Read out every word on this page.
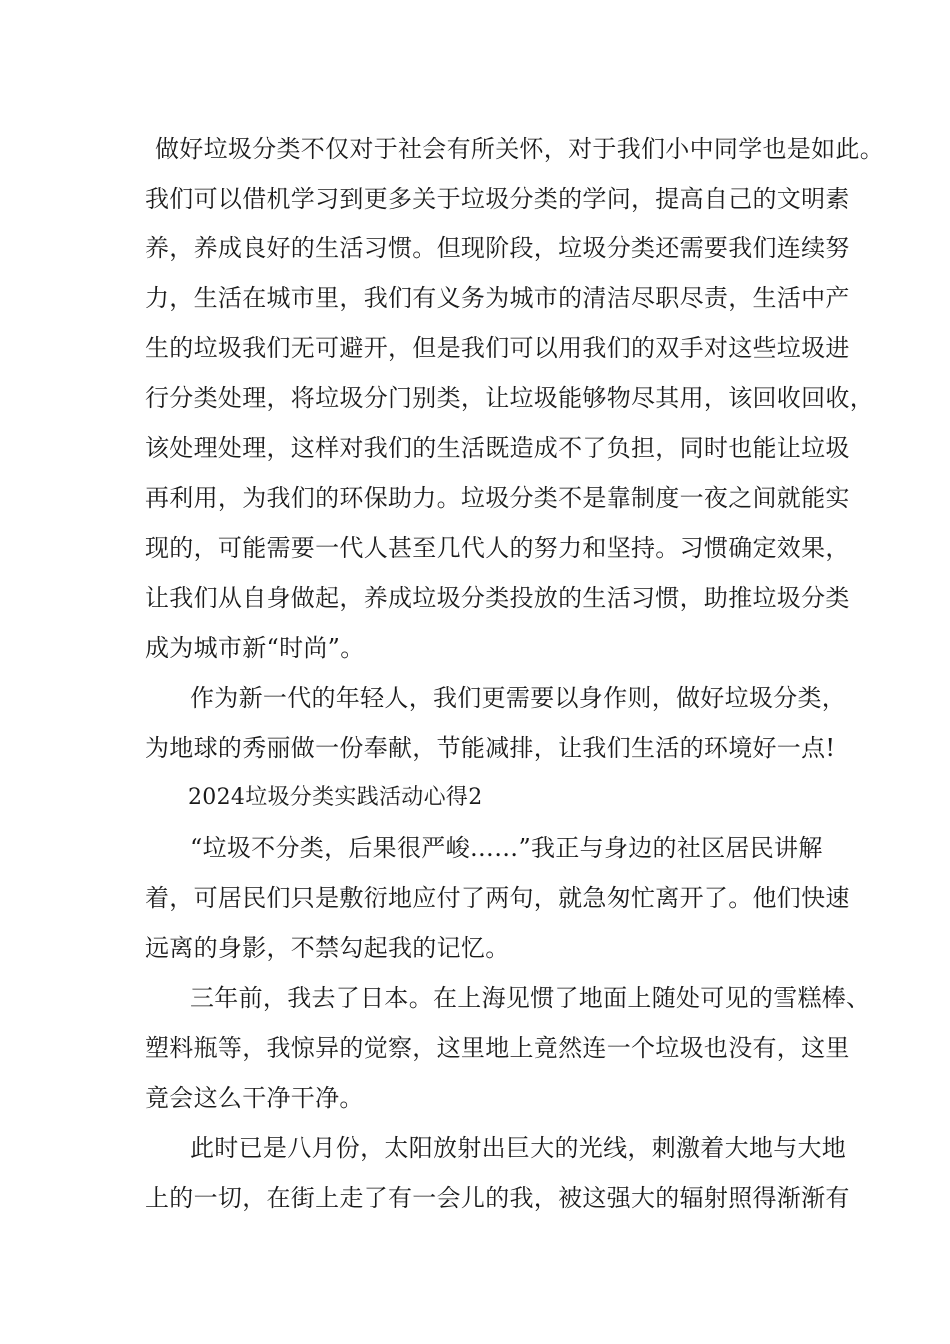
做好垃圾分类不仅对于社会有所关怀，对于我们小中同学也是如此。
我们可以借机学习到更多关于垃圾分类的学问，提高自己的文明素
养，养成良好的生活习惯。但现阶段，垃圾分类还需要我们连续努
力，生活在城市里，我们有义务为城市的清洁尽职尽责，生活中产
生的垃圾我们无可避开，但是我们可以用我们的双手对这些垃圾进
行分类处理，将垃圾分门别类，让垃圾能够物尽其用，该回收回收，
该处理处理，这样对我们的生活既造成不了负担，同时也能让垃圾
再利用，为我们的环保助力。垃圾分类不是靠制度一夜之间就能实
现的，可能需要一代人甚至几代人的努力和坚持。习惯确定效果，
让我们从自身做起，养成垃圾分类投放的生活习惯，助推垃圾分类
成为城市新“时尚”。
作为新一代的年轻人，我们更需要以身作则，做好垃圾分类，
为地球的秀丽做一份奉献，节能减排，让我们生活的环境好一点!
2024垃圾分类实践活动心得2
“垃圾不分类，后果很严峻……”我正与身边的社区居民讲解
着，可居民们只是敷衍地应付了两句，就急匆忙离开了。他们快速
远离的身影，不禁勾起我的记忆。
三年前，我去了日本。在上海见惯了地面上随处可见的雪糕棒、
塑料瓶等，我惊异的觉察，这里地上竟然连一个垃圾也没有，这里
竟会这么干净干净。
此时已是八月份，太阳放射出巨大的光线，刺激着大地与大地
上的一切，在街上走了有一会儿的我，被这强大的辐射照得渐渐有
